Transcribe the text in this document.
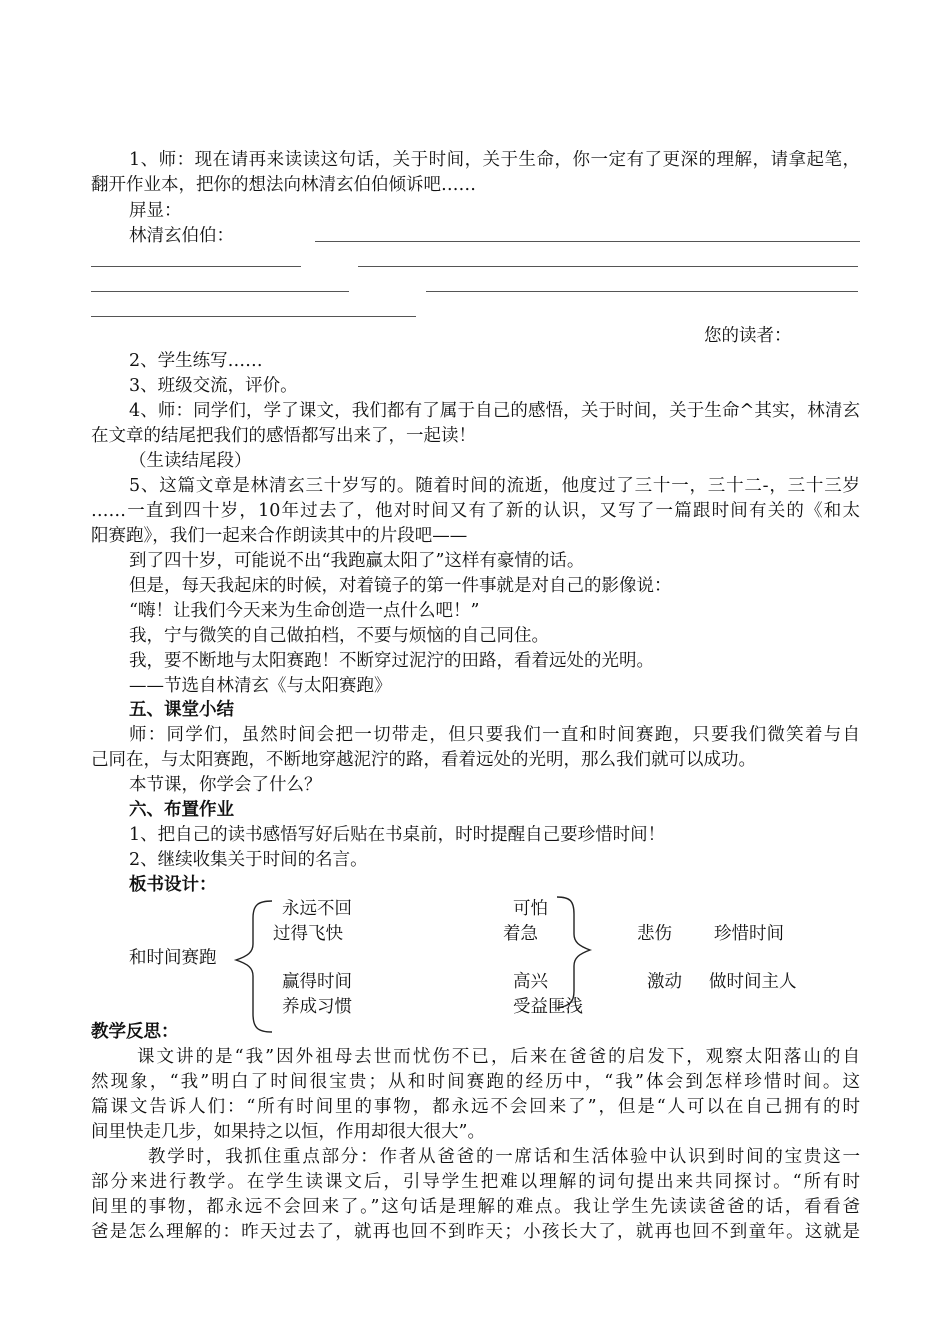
1、师：现在请再来读读这句话，关于时间，关于生命，你一定有了更深的理解，请拿起笔，
翻开作业本，把你的想法向林清玄伯伯倾诉吧……
屏显：
林清玄伯伯：
您的读者：
2、学生练写……
3、班级交流，评价。
4、师：同学们，学了课文，我们都有了属于自己的感悟，关于时间，关于生命^其实，林清玄
在文章的结尾把我们的感悟都写出来了，一起读！
（生读结尾段）
5、这篇文章是林清玄三十岁写的。随着时间的流逝，他度过了三十一，三十二-，三十三岁
……一直到四十岁，10年过去了，他对时间又有了新的认识，又写了一篇跟时间有关的《和太
阳赛跑》，我们一起来合作朗读其中的片段吧——
到了四十岁，可能说不出“我跑赢太阳了”这样有豪情的话。
但是，每天我起床的时候，对着镜子的第一件事就是对自己的影像说：
“嗨！让我们今天来为生命创造一点什么吧！”
我，宁与微笑的自己做拍档，不要与烦恼的自己同住。
我，要不断地与太阳赛跑！不断穿过泥泞的田路，看着远处的光明。
——节选自林清玄《与太阳赛跑》
五、课堂小结
师：同学们，虽然时间会把一切带走，但只要我们一直和时间赛跑，只要我们微笑着与自
己同在，与太阳赛跑，不断地穿越泥泞的路，看着远处的光明，那么我们就可以成功。
本节课，你学会了什么？
六、布置作业
1、把自己的读书感悟写好后贴在书桌前，时时提醒自己要珍惜时间！
2、继续收集关于时间的名言。
板书设计：
永远不回
过得飞快
和时间赛跑
赢得时间
养成习惯
可怕
着急
高兴
受益匪浅
悲伤 珍惜时间
激动 做时间主人
教学反思：
课文讲的是“我”因外祖母去世而忧伤不已，后来在爸爸的启发下，观察太阳落山的自
然现象，“我”明白了时间很宝贵；从和时间赛跑的经历中，“我”体会到怎样珍惜时间。这
篇课文告诉人们：“所有时间里的事物，都永远不会回来了”，但是“人可以在自己拥有的时
间里快走几步，如果持之以恒，作用却很大很大”。
教学时，我抓住重点部分：作者从爸爸的一席话和生活体验中认识到时间的宝贵这一
部分来进行教学。在学生读课文后，引导学生把难以理解的词句提出来共同探讨。“所有时
间里的事物，都永远不会回来了。”这句话是理解的难点。我让学生先读读爸爸的话，看看爸
爸是怎么理解的：昨天过去了，就再也回不到昨天；小孩长大了，就再也回不到童年。这就是
